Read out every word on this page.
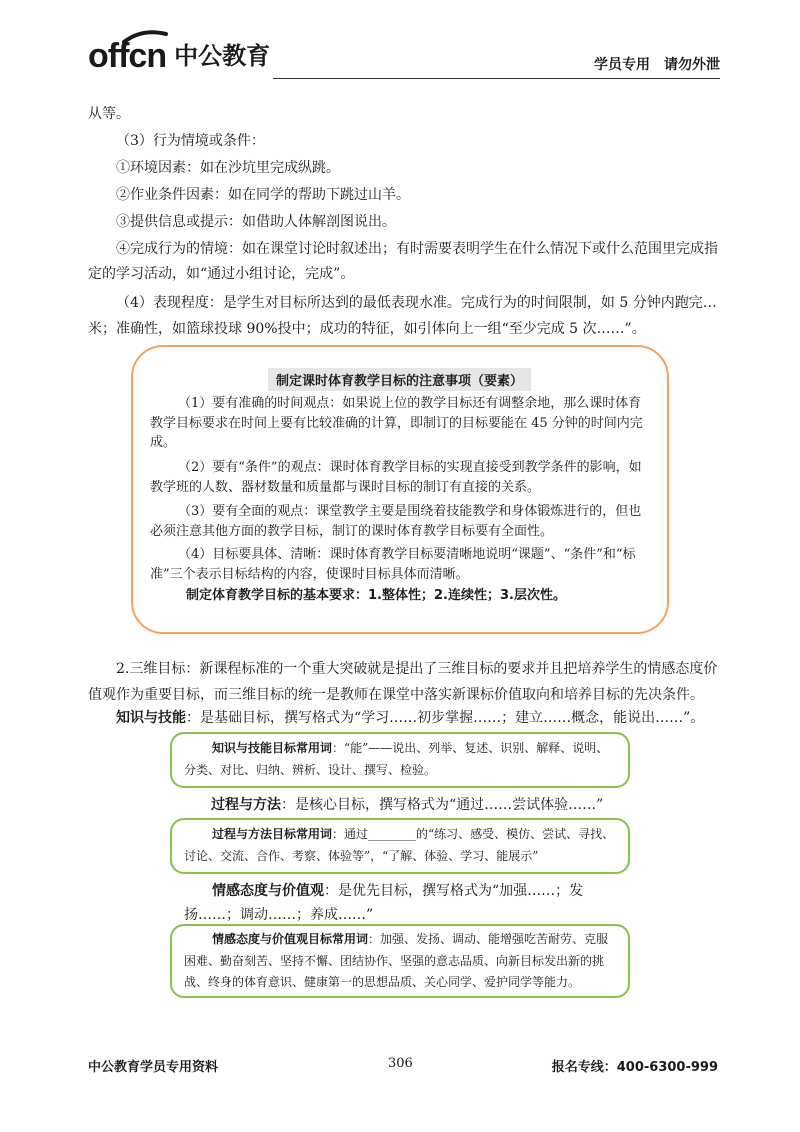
offcn 中公教育	学员专用　请勿外泄

从等。

（3）行为情境或条件：

①环境因素：如在沙坑里完成纵跳。

②作业条件因素：如在同学的帮助下跳过山羊。

③提供信息或提示：如借助人体解剖图说出。

④完成行为的情境：如在课堂讨论时叙述出；有时需要表明学生在什么情况下或什么范围里完成指定的学习活动，如“通过小组讨论，完成”。

（4）表现程度：是学生对目标所达到的最低表现水准。完成行为的时间限制，如 5 分钟内跑完…米；准确性，如篮球投球 90%投中；成功的特征，如引体向上一组“至少完成 5 次……”。

制定课时体育教学目标的注意事项（要素）

（1）要有准确的时间观点：如果说上位的教学目标还有调整余地，那么课时体育教学目标要求在时间上要有比较准确的计算，即制订的目标要能在 45 分钟的时间内完成。

（2）要有“条件”的观点：课时体育教学目标的实现直接受到教学条件的影响，如教学班的人数、器材数量和质量都与课时目标的制订有直接的关系。

（3）要有全面的观点：课堂教学主要是围绕着技能教学和身体锻炼进行的，但也必须注意其他方面的教学目标，制订的课时体育教学目标要有全面性。

（4）目标要具体、清晰：课时体育教学目标要清晰地说明“课题”、“条件”和“标准”三个表示目标结构的内容，使课时目标具体而清晰。

制定体育教学目标的基本要求：1.整体性；2.连续性；3.层次性。

2.三维目标：新课程标准的一个重大突破就是提出了三维目标的要求并且把培养学生的情感态度价值观作为重要目标，而三维目标的统一是教师在课堂中落实新课标价值取向和培养目标的先决条件。

知识与技能：是基础目标，撰写格式为“学习……初步掌握……；建立……概念，能说出……”。

知识与技能目标常用词：“能”——说出、列举、复述、识别、解释、说明、分类、对比、归纳、辨析、设计、撰写、检验。

过程与方法：是核心目标，撰写格式为“通过……尝试体验……”

过程与方法目标常用词：通过________的“练习、感受、模仿、尝试、寻找、讨论、交流、合作、考察、体验等”，“了解、体验、学习、能展示”

情感态度与价值观：是优先目标，撰写格式为“加强……；发扬……；调动……；养成……”

情感态度与价值观目标常用词：加强、发扬、调动、能增强吃苦耐劳、克服困难、勤奋刻苦、坚持不懈、团结协作、坚强的意志品质、向新目标发出新的挑战、终身的体育意识、健康第一的思想品质、关心同学、爱护同学等能力。

中公教育学员专用资料	306	报名专线：400-6300-999
